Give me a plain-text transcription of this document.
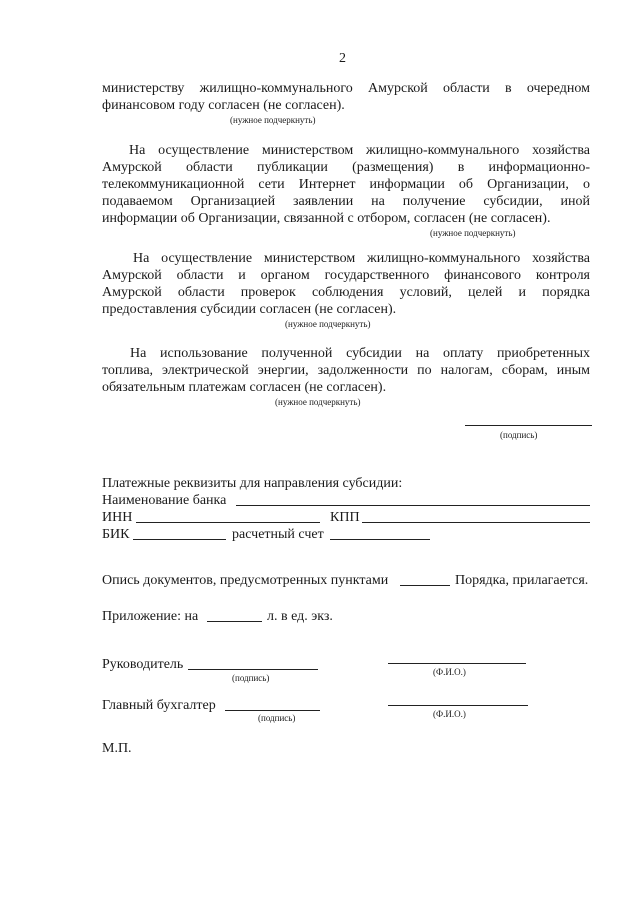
2
министерству жилищно-коммунального Амурской области в очередном
финансовом году согласен (не согласен).
(нужное подчеркнуть)
На осуществление министерством жилищно-коммунального хозяйства
Амурской области публикации (размещения) в информационно-
телекоммуникационной сети Интернет информации об Организации, о
подаваемом Организацией заявлении на получение субсидии, иной
информации об Организации, связанной с отбором, согласен (не согласен).
(нужное подчеркнуть)
На осуществление министерством жилищно-коммунального хозяйства
Амурской области и органом государственного финансового контроля
Амурской области проверок соблюдения условий, целей и порядка
предоставления субсидии согласен (не согласен).
(нужное подчеркнуть)
На использование полученной субсидии на оплату приобретенных
топлива, электрической энергии, задолженности по налогам, сборам, иным
обязательным платежам согласен (не согласен).
(нужное подчеркнуть)
(подпись)
Платежные реквизиты для направления субсидии:
Наименование банка
ИНН	КПП
БИК	расчетный счет
Опись документов, предусмотренных пунктами	Порядка, прилагается.
Приложение: на	л. в ед. экз.
Руководитель
(подпись)
(Ф.И.О.)
Главный бухгалтер
(подпись)	(Ф.И.О.)
М.П.
